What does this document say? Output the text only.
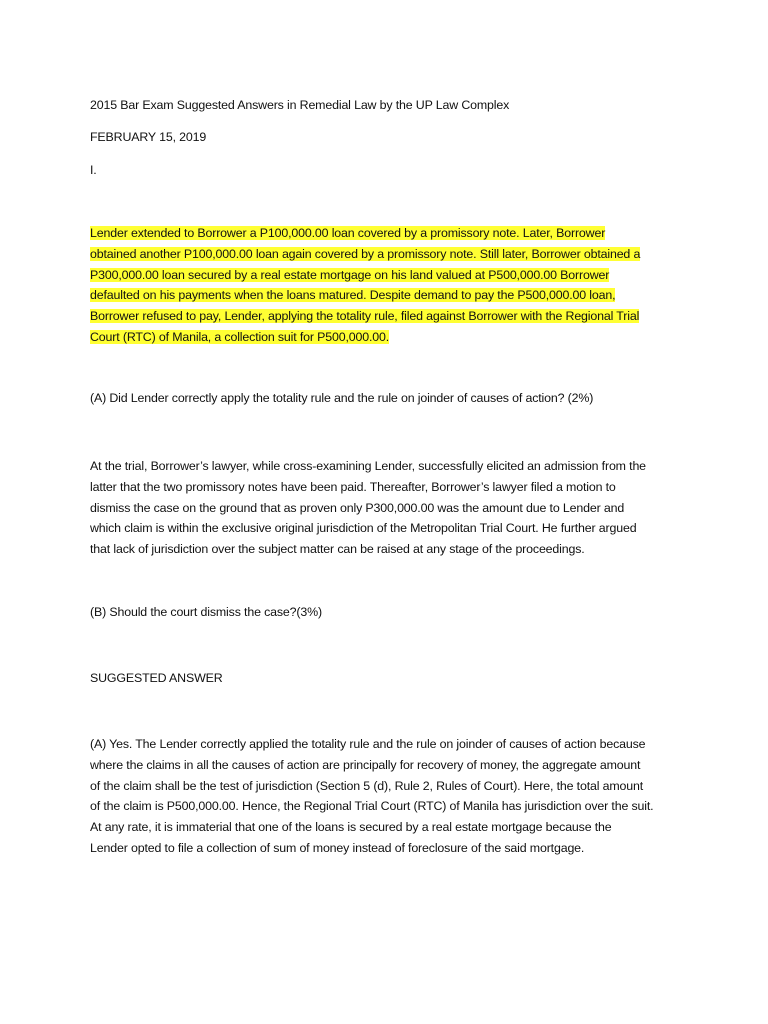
2015 Bar Exam Suggested Answers in Remedial Law by the UP Law Complex

FEBRUARY 15, 2019

I.

Lender extended to Borrower a P100,000.00 loan covered by a promissory note. Later, Borrower
obtained another P100,000.00 loan again covered by a promissory note. Still later, Borrower obtained a
P300,000.00 loan secured by a real estate mortgage on his land valued at P500,000.00 Borrower
defaulted on his payments when the loans matured. Despite demand to pay the P500,000.00 loan,
Borrower refused to pay, Lender, applying the totality rule, filed against Borrower with the Regional Trial
Court (RTC) of Manila, a collection suit for P500,000.00.

(A) Did Lender correctly apply the totality rule and the rule on joinder of causes of action? (2%)

At the trial, Borrower’s lawyer, while cross-examining Lender, successfully elicited an admission from the
latter that the two promissory notes have been paid. Thereafter, Borrower’s lawyer filed a motion to
dismiss the case on the ground that as proven only P300,000.00 was the amount due to Lender and
which claim is within the exclusive original jurisdiction of the Metropolitan Trial Court. He further argued
that lack of jurisdiction over the subject matter can be raised at any stage of the proceedings.

(B) Should the court dismiss the case?(3%)

SUGGESTED ANSWER

(A) Yes. The Lender correctly applied the totality rule and the rule on joinder of causes of action because
where the claims in all the causes of action are principally for recovery of money, the aggregate amount
of the claim shall be the test of jurisdiction (Section 5 (d), Rule 2, Rules of Court). Here, the total amount
of the claim is P500,000.00. Hence, the Regional Trial Court (RTC) of Manila has jurisdiction over the suit.
At any rate, it is immaterial that one of the loans is secured by a real estate mortgage because the
Lender opted to file a collection of sum of money instead of foreclosure of the said mortgage.
